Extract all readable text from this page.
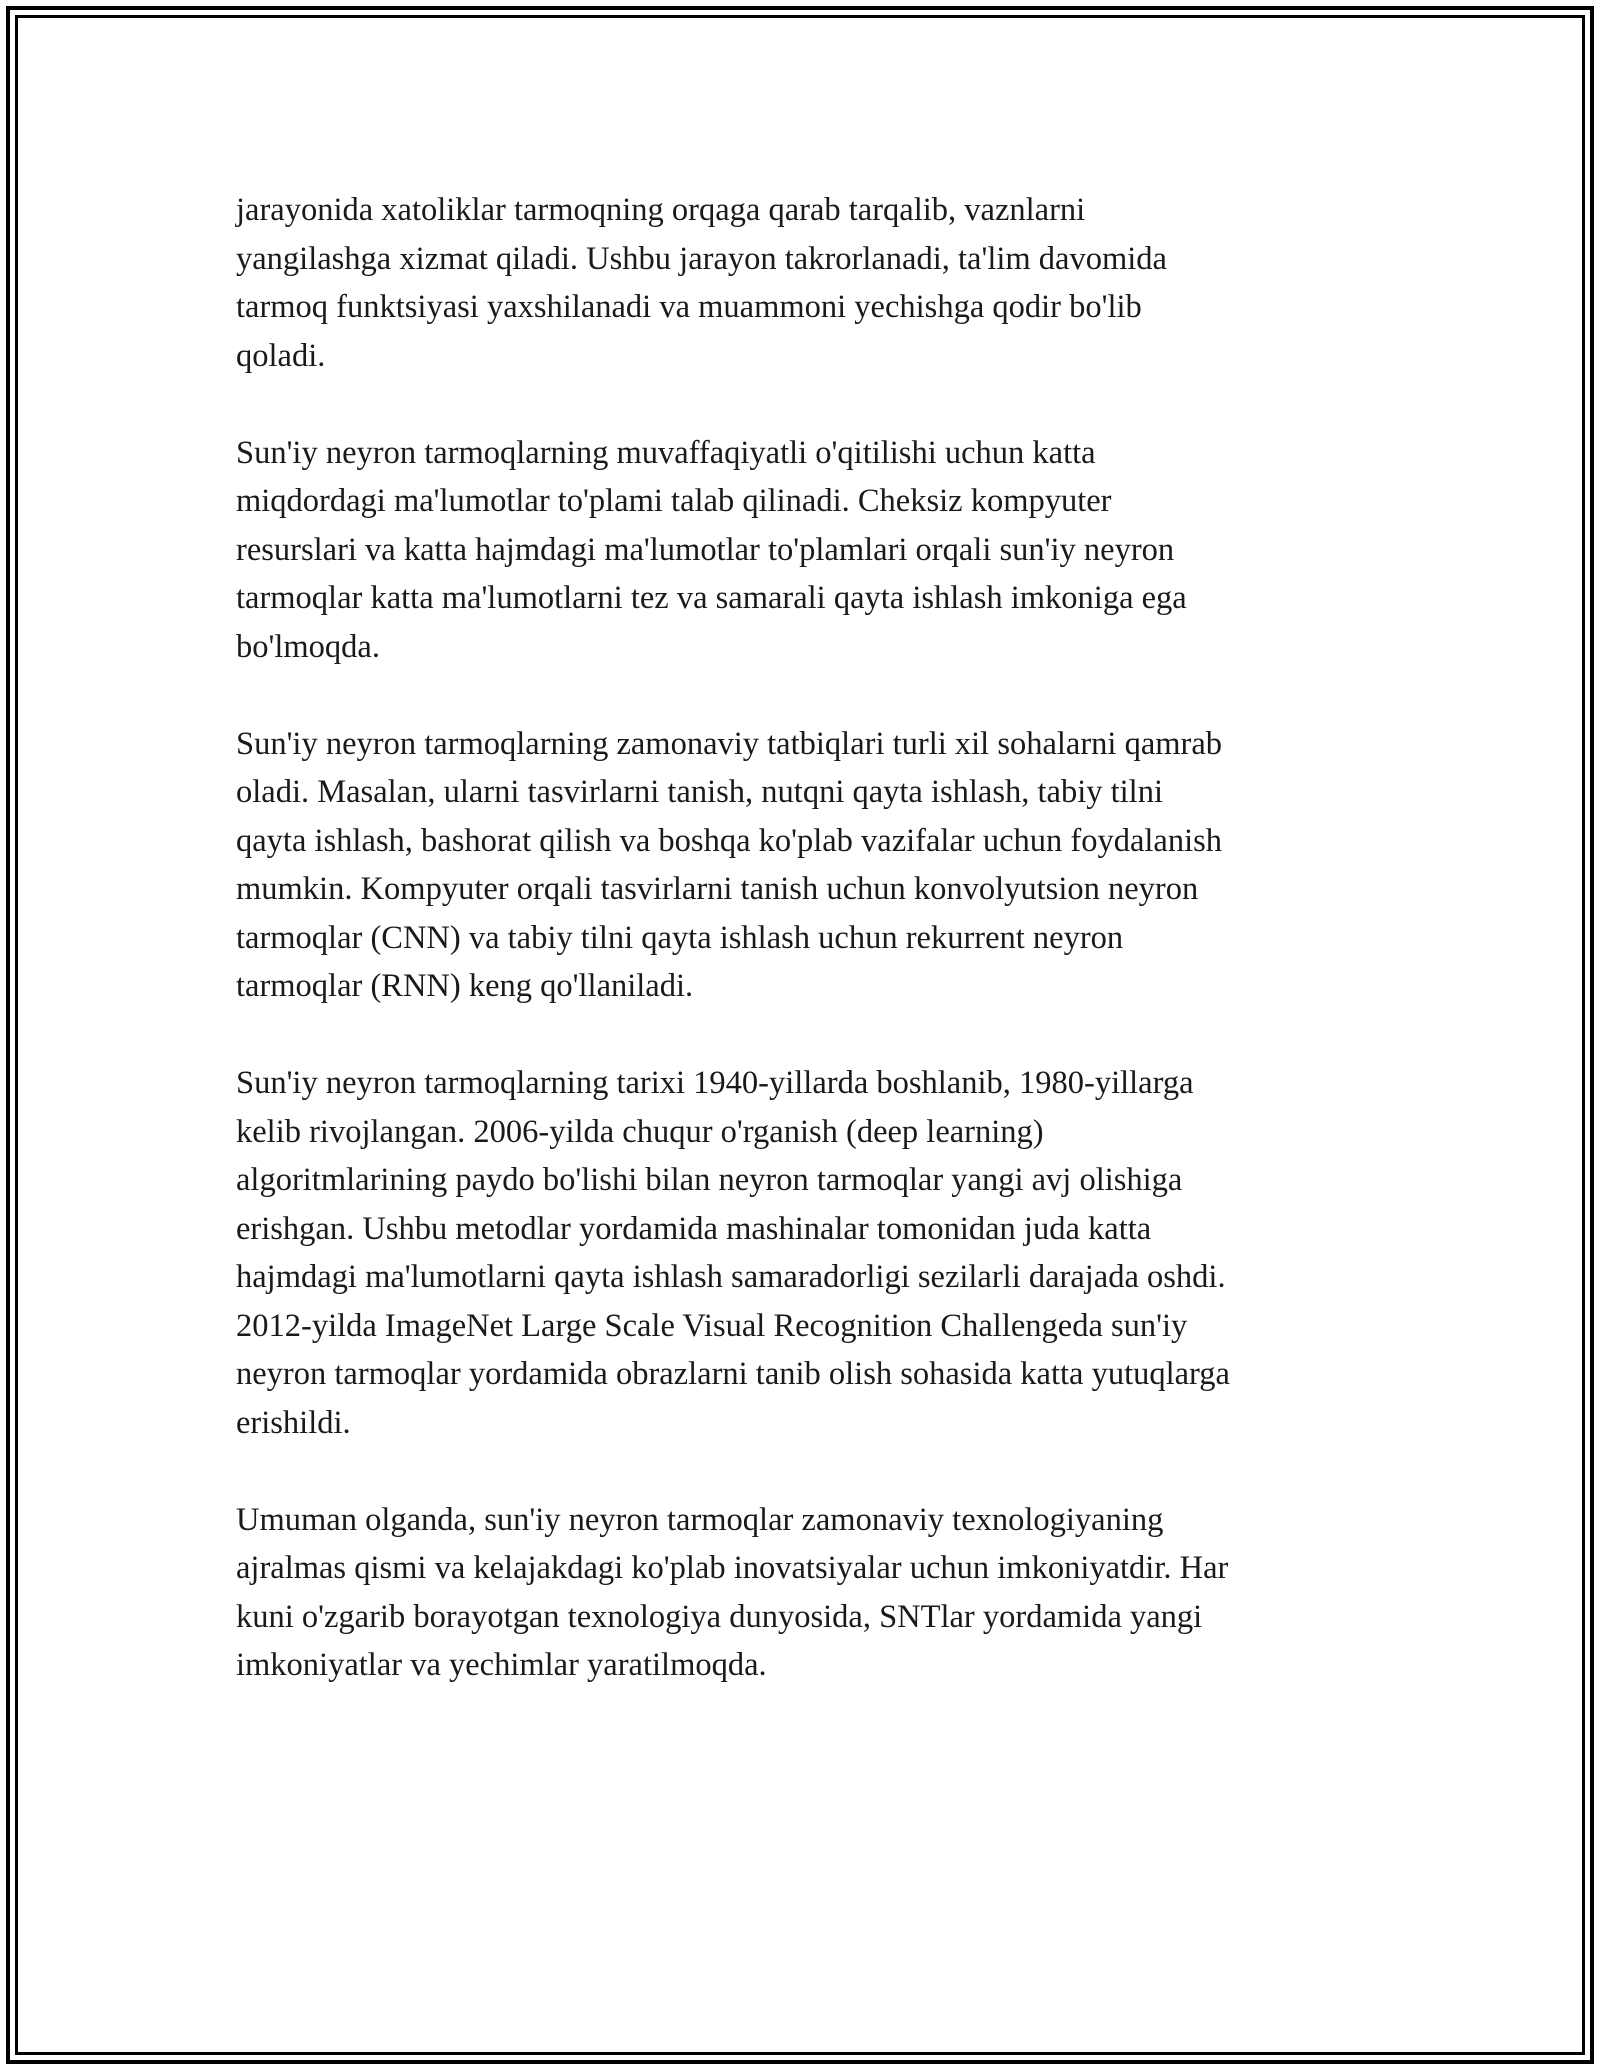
jarayonida xatoliklar tarmoqning orqaga qarab tarqalib, vaznlarni
yangilashga xizmat qiladi. Ushbu jarayon takrorlanadi, ta'lim davomida
tarmoq funktsiyasi yaxshilanadi va muammoni yechishga qodir bo'lib
qoladi.

Sun'iy neyron tarmoqlarning muvaffaqiyatli o'qitilishi uchun katta
miqdordagi ma'lumotlar to'plami talab qilinadi. Cheksiz kompyuter
resurslari va katta hajmdagi ma'lumotlar to'plamlari orqali sun'iy neyron
tarmoqlar katta ma'lumotlarni tez va samarali qayta ishlash imkoniga ega
bo'lmoqda.

Sun'iy neyron tarmoqlarning zamonaviy tatbiqlari turli xil sohalarni qamrab
oladi. Masalan, ularni tasvirlarni tanish, nutqni qayta ishlash, tabiy tilni
qayta ishlash, bashorat qilish va boshqa ko'plab vazifalar uchun foydalanish
mumkin. Kompyuter orqali tasvirlarni tanish uchun konvolyutsion neyron
tarmoqlar (CNN) va tabiy tilni qayta ishlash uchun rekurrent neyron
tarmoqlar (RNN) keng qo'llaniladi.

Sun'iy neyron tarmoqlarning tarixi 1940-yillarda boshlanib, 1980-yillarga
kelib rivojlangan. 2006-yilda chuqur o'rganish (deep learning)
algoritmlarining paydo bo'lishi bilan neyron tarmoqlar yangi avj olishiga
erishgan. Ushbu metodlar yordamida mashinalar tomonidan juda katta
hajmdagi ma'lumotlarni qayta ishlash samaradorligi sezilarli darajada oshdi.
2012-yilda ImageNet Large Scale Visual Recognition Challengeda sun'iy
neyron tarmoqlar yordamida obrazlarni tanib olish sohasida katta yutuqlarga
erishildi.

Umuman olganda, sun'iy neyron tarmoqlar zamonaviy texnologiyaning
ajralmas qismi va kelajakdagi ko'plab inovatsiyalar uchun imkoniyatdir. Har
kuni o'zgarib borayotgan texnologiya dunyosida, SNTlar yordamida yangi
imkoniyatlar va yechimlar yaratilmoqda.
